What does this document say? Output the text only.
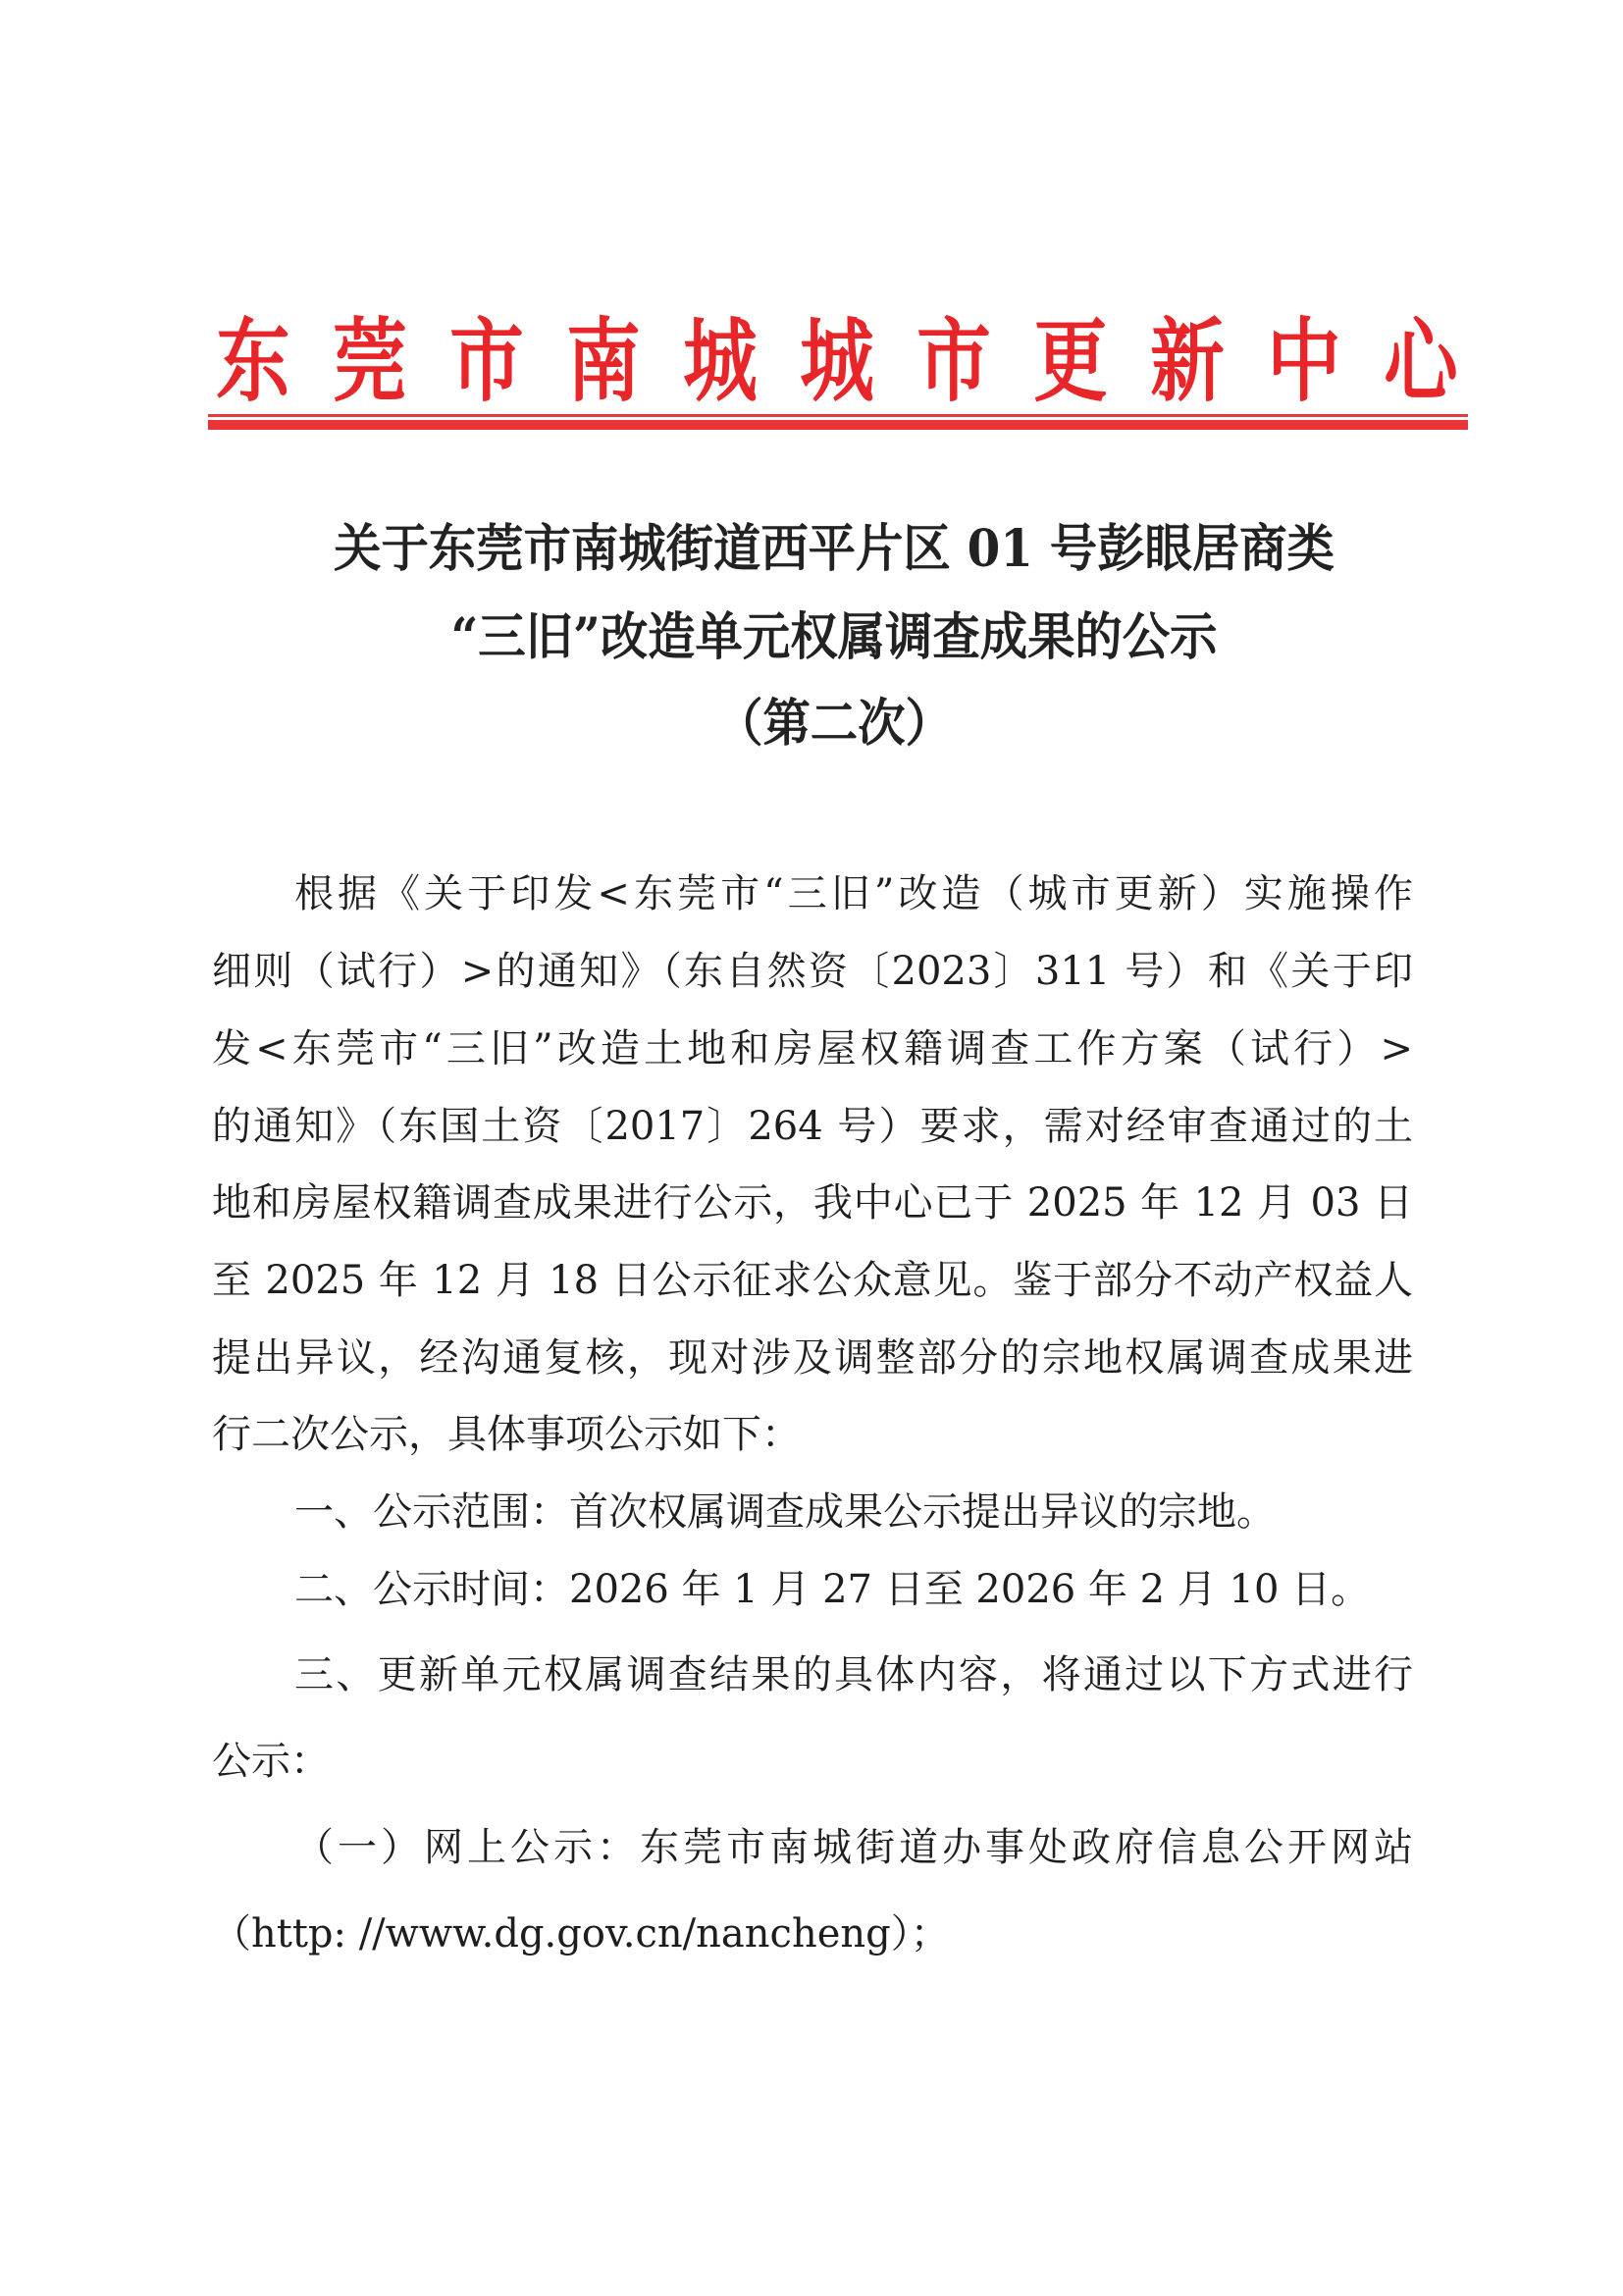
东 莞 市 南 城 城 市 更 新 中 心
关于东莞市南城街道西平片区 01 号彭眼居商类
“三旧”改造单元权属调查成果的公示
（第二次）
根据《关于印发<东莞市“三旧”改造（城市更新）实施操作
细则（试行）>的通知》（东自然资〔2023〕311 号）和《关于印
发<东莞市“三旧”改造土地和房屋权籍调查工作方案（试行）>
的通知》（东国土资〔2017〕264 号）要求，需对经审查通过的土
地和房屋权籍调查成果进行公示，我中心已于 2025 年 12 月 03 日
至 2025 年 12 月 18 日公示征求公众意见。鉴于部分不动产权益人
提出异议，经沟通复核，现对涉及调整部分的宗地权属调查成果进
行二次公示，具体事项公示如下：
一、公示范围：首次权属调查成果公示提出异议的宗地。
二、公示时间：2026 年 1 月 27 日至 2026 年 2 月 10 日。
三、更新单元权属调查结果的具体内容，将通过以下方式进行
公示：
（一）网上公示：东莞市南城街道办事处政府信息公开网站
（http: //www.dg.gov.cn/nancheng）；
